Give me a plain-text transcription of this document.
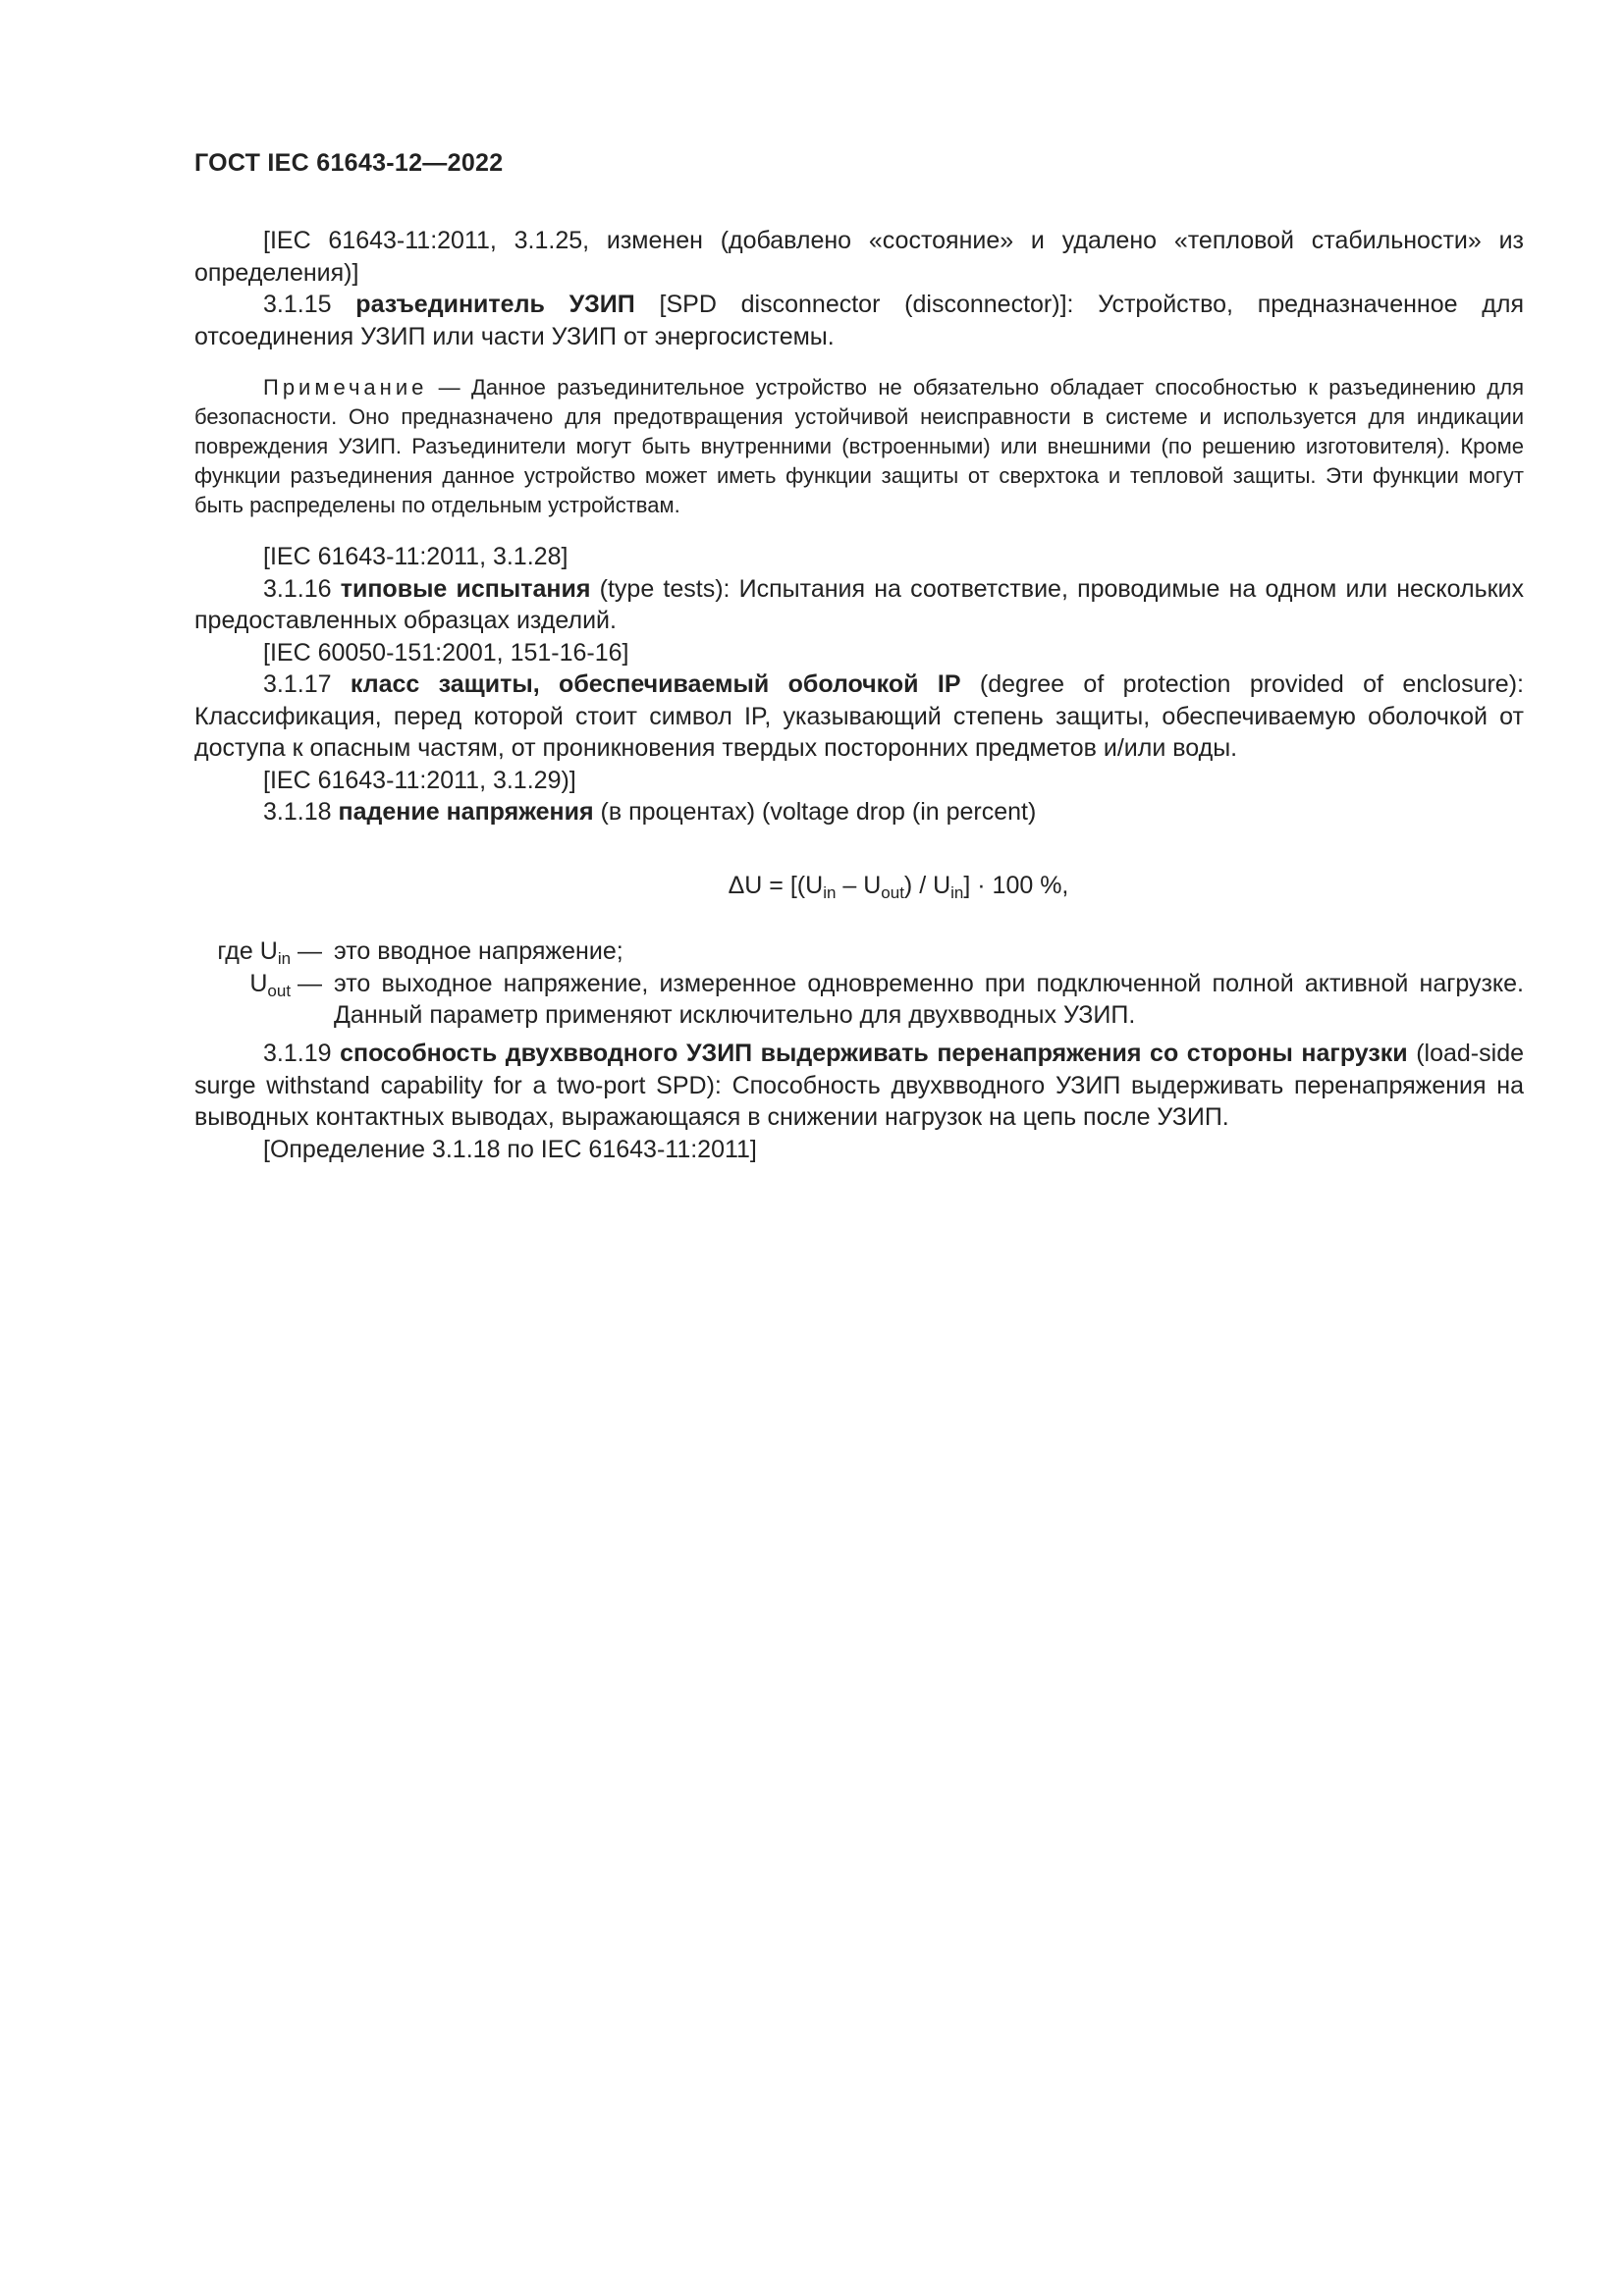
ГОСТ IEC 61643-12—2022

[IEC 61643-11:2011, 3.1.25, изменен (добавлено «состояние» и удалено «тепловой стабильности» из определения)]

3.1.15 разъединитель УЗИП [SPD disconnector (disconnector)]: Устройство, предназначенное для отсоединения УЗИП или части УЗИП от энергосистемы.

Примечание — Данное разъединительное устройство не обязательно обладает способностью к разъединению для безопасности. Оно предназначено для предотвращения устойчивой неисправности в системе и используется для индикации повреждения УЗИП. Разъединители могут быть внутренними (встроенными) или внешними (по решению изготовителя). Кроме функции разъединения данное устройство может иметь функции защиты от сверхтока и тепловой защиты. Эти функции могут быть распределены по отдельным устройствам.

[IEC 61643-11:2011, 3.1.28]

3.1.16 типовые испытания (type tests): Испытания на соответствие, проводимые на одном или нескольких предоставленных образцах изделий.

[IEC 60050-151:2001, 151-16-16]

3.1.17 класс защиты, обеспечиваемый оболочкой IP (degree of protection provided of enclosure): Классификация, перед которой стоит символ IP, указывающий степень защиты, обеспечиваемую оболочкой от доступа к опасным частям, от проникновения твердых посторонних предметов и/или воды.

[IEC 61643-11:2011, 3.1.29)]

3.1.18 падение напряжения (в процентах) (voltage drop (in percent)

$\Delta U = [(U_{in} - U_{out}) / U_{in}] \cdot 100$ %,

где $U_{in}$ — это вводное напряжение;
$U_{out}$ — это выходное напряжение, измеренное одновременно при подключенной полной активной нагрузке. Данный параметр применяют исключительно для двухвводных УЗИП.

3.1.19 способность двухвводного УЗИП выдерживать перенапряжения со стороны нагрузки (load-side surge withstand capability for a two-port SPD): Способность двухвводного УЗИП выдерживать перенапряжения на выводных контактных выводах, выражающаяся в снижении нагрузок на цепь после УЗИП.

[Определение 3.1.18 по IEC 61643-11:2011]
